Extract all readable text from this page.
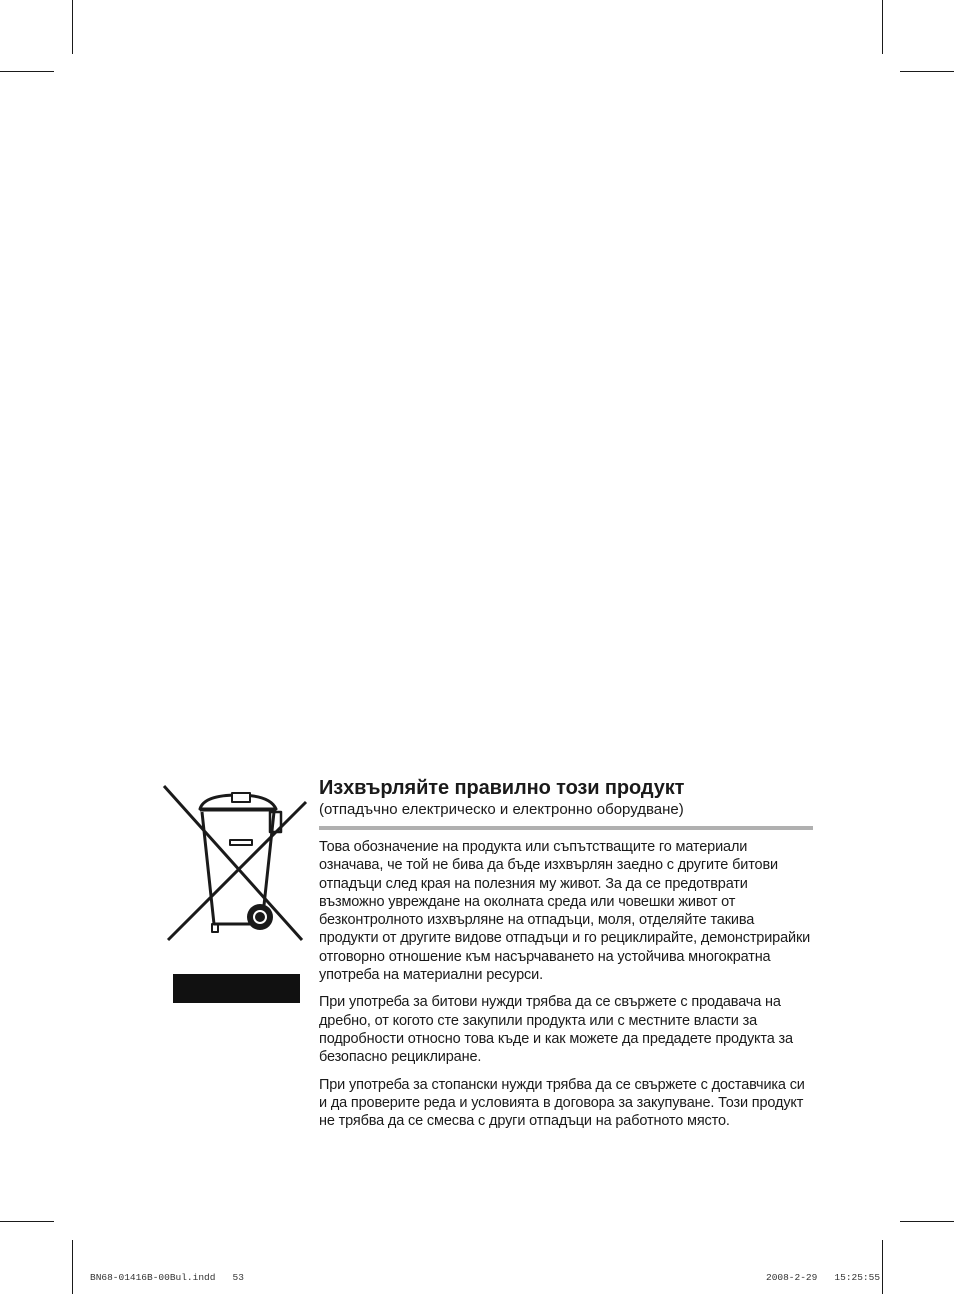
Изхвърляйте правилно този продукт

(отпадъчно електрическо и електронно оборудване)

Това обозначение на продукта или съпътстващите го материали означава, че той не бива да бъде изхвърлян заедно с другите битови отпадъци след края на полезния му живот. За да се предотврати възможно увреждане на околната среда или човешки живот от безконтролното изхвърляне на отпадъци, моля, отделяйте такива продукти от другите видове отпадъци и го рециклирайте, демонстрирайки отговорно отношение към насърчаването на устойчива многократна употреба на материални ресурси.

При употреба за битови нужди трябва да се свържете с продавача на дребно, от когото сте закупили продукта или с местните власти за подробности относно това къде и как можете да предадете продукта за безопасно рециклиране.

При употреба за стопански нужди трябва да се свържете с доставчика си и да проверите реда и условията в договора за закупуване. Този продукт не трябва да се смесва с други отпадъци на работното място.

BN68-01416B-00Bul.indd   53	2008-2-29   15:25:55
